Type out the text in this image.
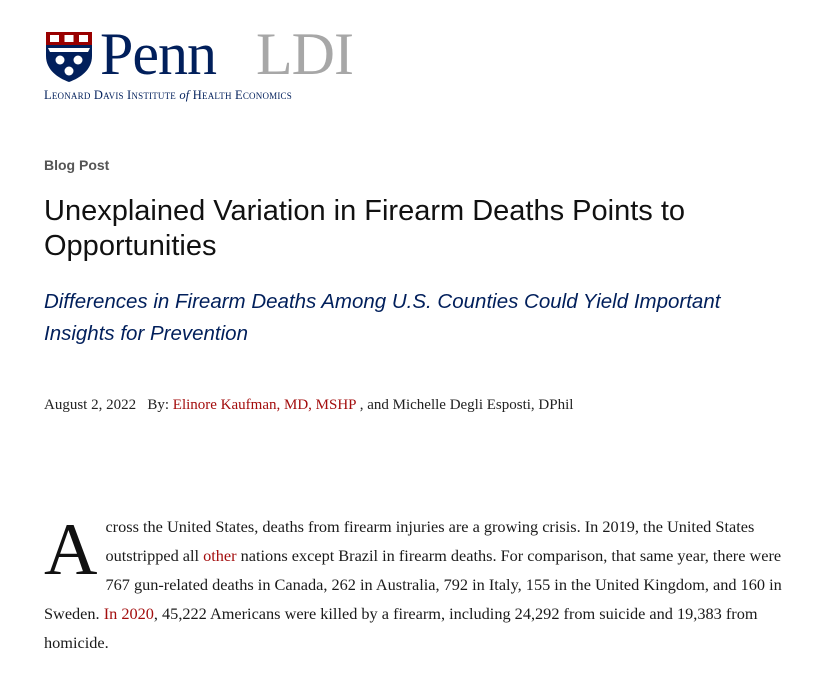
Penn LDI
Leonard Davis Institute of Health Economics
Blog Post
Unexplained Variation in Firearm Deaths Points to Opportunities
Differences in Firearm Deaths Among U.S. Counties Could Yield Important Insights for Prevention
August 2, 2022 By: Elinore Kaufman, MD, MSHP , and Michelle Degli Esposti, DPhil

Across the United States, deaths from firearm injuries are a growing crisis. In 2019, the United States outstripped all other nations except Brazil in firearm deaths. For comparison, that same year, there were 767 gun-related deaths in Canada, 262 in Australia, 792 in Italy, 155 in the United Kingdom, and 160 in Sweden. In 2020, 45,222 Americans were killed by a firearm, including 24,292 from suicide and 19,383 from homicide.
